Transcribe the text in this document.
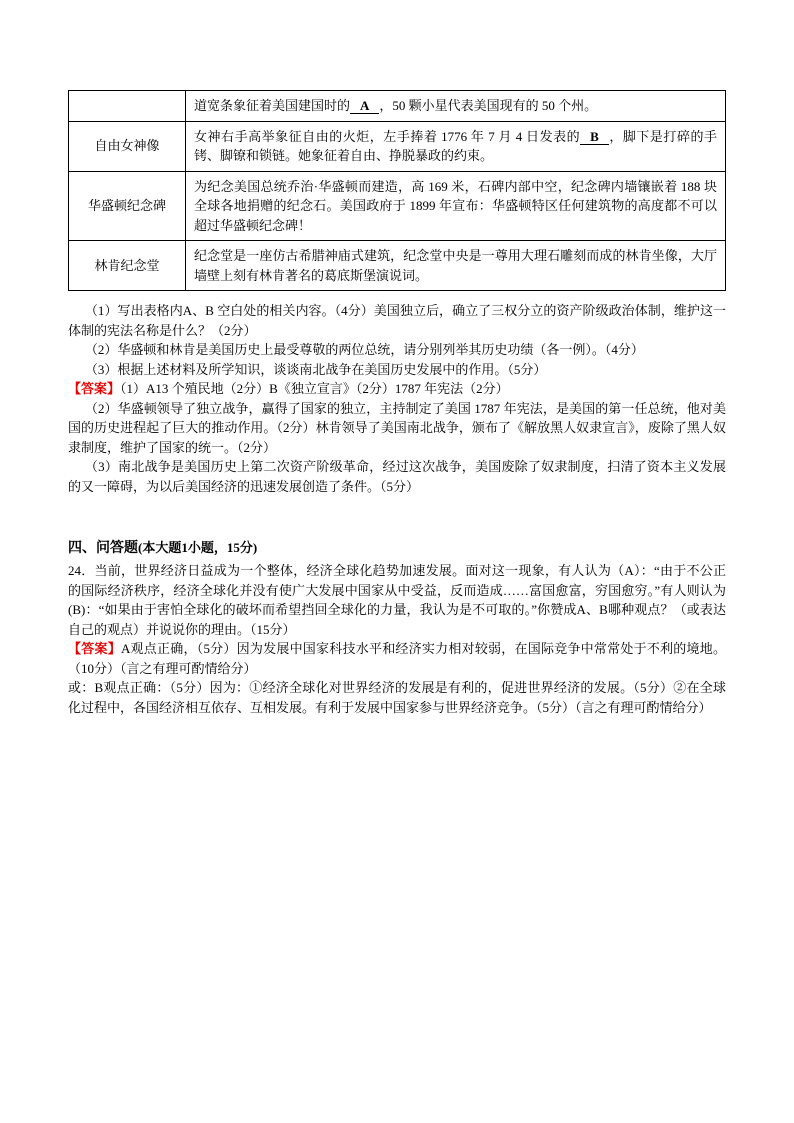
	道宽条象征着美国建国时的 A ，50 颗小星代表美国现有的 50 个州。
自由女神像	女神右手高举象征自由的火炬，左手捧着 1776 年 7 月 4 日发表的 B ，脚下是打碎的手铐、脚镣和锁链。她象征着自由、挣脱暴政的约束。
华盛顿纪念碑	为纪念美国总统乔治·华盛顿而建造，高 169 米，石碑内部中空，纪念碑内墙镶嵌着 188 块全球各地捐赠的纪念石。美国政府于 1899 年宣布：华盛顿特区任何建筑物的高度都不可以超过华盛顿纪念碑！
林肯纪念堂	纪念堂是一座仿古希腊神庙式建筑，纪念堂中央是一尊用大理石雕刻而成的林肯坐像，大厅墙壁上刻有林肯著名的葛底斯堡演说词。

（1）写出表格内A、B 空白处的相关内容。（4分）美国独立后，确立了三权分立的资产阶级政治体制，维护这一体制的宪法名称是什么？（2分）

（2）华盛顿和林肯是美国历史上最受尊敬的两位总统，请分别列举其历史功绩（各一例）。（4分）

（3）根据上述材料及所学知识，谈谈南北战争在美国历史发展中的作用。（5分）

【答案】（1）A13 个殖民地（2分）B《独立宣言》（2分）1787 年宪法（2分）

（2）华盛顿领导了独立战争，赢得了国家的独立，主持制定了美国 1787 年宪法，是美国的第一任总统，他对美国的历史进程起了巨大的推动作用。（2分）林肯领导了美国南北战争，颁布了《解放黑人奴隶宣言》，废除了黑人奴隶制度，维护了国家的统一。（2分）

（3）南北战争是美国历史上第二次资产阶级革命，经过这次战争，美国废除了奴隶制度，扫清了资本主义发展的又一障碍，为以后美国经济的迅速发展创造了条件。（5分）

四、问答题(本大题1小题，15分)

24．当前，世界经济日益成为一个整体，经济全球化趋势加速发展。面对这一现象，有人认为（A）：“由于不公正的国际经济秩序，经济全球化并没有使广大发展中国家从中受益，反而造成……富国愈富，穷国愈穷。”有人则认为(B)：“如果由于害怕全球化的破坏而希望挡回全球化的力量，我认为是不可取的。”你赞成A、B哪种观点？（或表达自己的观点）并说说你的理由。（15分）

【答案】A观点正确，（5分）因为发展中国家科技水平和经济实力相对较弱，在国际竞争中常常处于不利的境地。（10分）（言之有理可酌情给分）

或：B观点正确：（5分）因为：①经济全球化对世界经济的发展是有利的，促进世界经济的发展。（5分）②在全球化过程中，各国经济相互依存、互相发展。有利于发展中国家参与世界经济竞争。（5分）（言之有理可酌情给分）
